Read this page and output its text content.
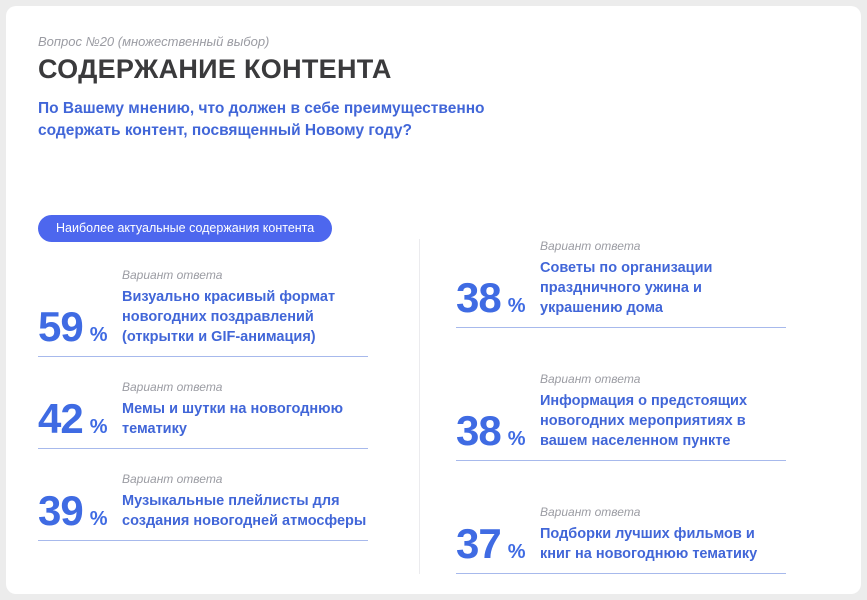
Вопрос №20 (множественный выбор)
СОДЕРЖАНИЕ КОНТЕНТА
По Вашему мнению, что должен в себе преимущественно содержать контент, посвященный Новому году?
Наиболее актуальные содержания контента
59 %
Вариант ответа
Визуально красивый формат новогодних поздравлений (открытки и GIF-анимация)
42 %
Вариант ответа
Мемы и шутки на новогоднюю тематику
39 %
Вариант ответа
Музыкальные плейлисты для создания новогодней атмосферы
38 %
Вариант ответа
Советы по организации праздничного ужина и украшению дома
38 %
Вариант ответа
Информация о предстоящих новогодних мероприятиях в вашем населенном пункте
37 %
Вариант ответа
Подборки лучших фильмов и книг на новогоднюю тематику
